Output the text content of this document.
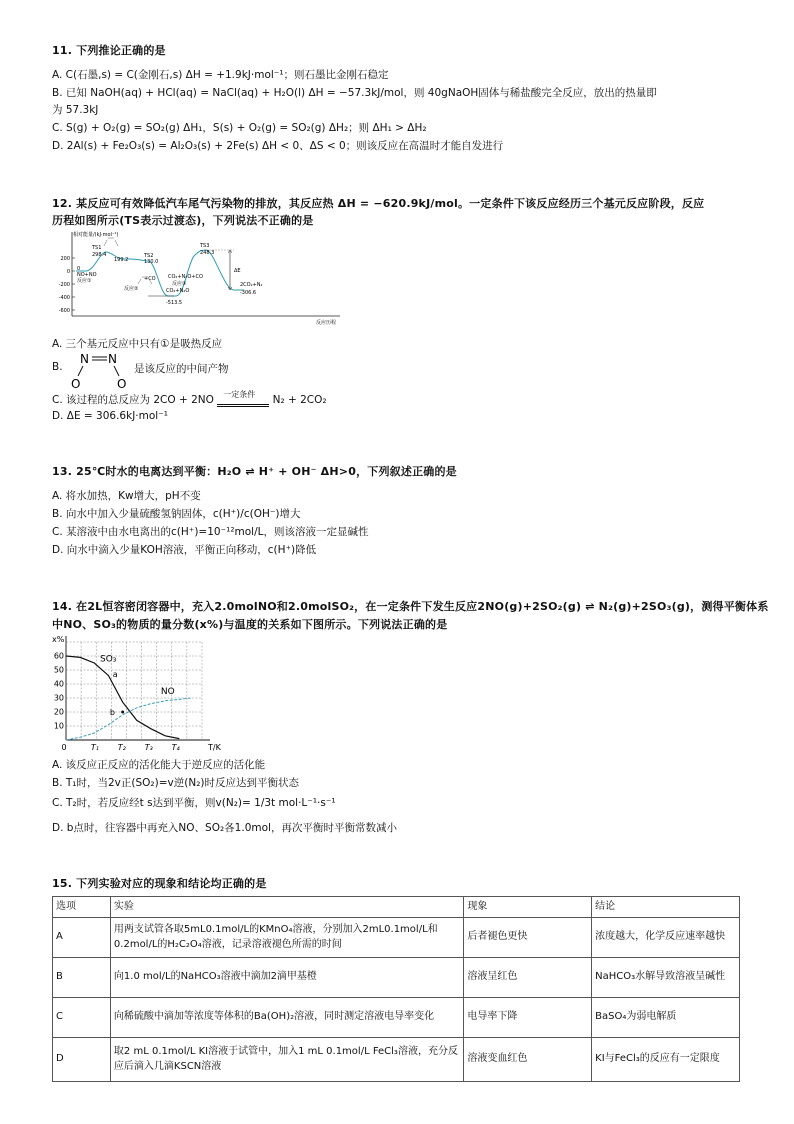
11. 下列推论正确的是
A. C(石墨,s) = C(金刚石,s) ΔH = +1.9kJ·mol⁻¹；则石墨比金刚石稳定
B. 已知 NaOH(aq) + HCl(aq) = NaCl(aq) + H₂O(l) ΔH = −57.3kJ/mol，则 40gNaOH固体与稀盐酸完全反应，放出的热量即
为 57.3kJ
C. S(g) + O₂(g) = SO₂(g) ΔH₁，S(s) + O₂(g) = SO₂(g) ΔH₂；则 ΔH₁ > ΔH₂
D. 2Al(s) + Fe₂O₃(s) = Al₂O₃(s) + 2Fe(s) ΔH < 0、ΔS < 0；则该反应在高温时才能自发进行
12. 某反应可有效降低汽车尾气污染物的排放，其反应热 ΔH = −620.9kJ/mol。一定条件下该反应经历三个基元反应阶段，反应
历程如图所示(TS表示过渡态)，下列说法不正确的是
相对能量/(kJ·mol⁻¹)
反应历程
200
0
-200
-400
-600
TS1
298.4
199.2
TS2
130.0
TS3
248.3
0
NO+NO
反应①
反应②
+CO CO₂+N₂O+CO
反应③
CO₂+N₂O
-513.5
ΔE
2CO₂+N₂
-306.6
A. 三个基元反应中只有①是吸热反应
B.
N N
O	O
是该反应的中间产物
C. 该过程的总反应为 2CO + 2NO 一定条件 N₂ + 2CO₂
D. ΔE = 306.6kJ·mol⁻¹
13. 25℃时水的电离达到平衡：H₂O ⇌ H⁺ + OH⁻ ΔH>0，下列叙述正确的是
A. 将水加热，Kw增大，pH不变
B. 向水中加入少量硫酸氢钠固体，c(H⁺)/c(OH⁻)增大
C. 某溶液中由水电离出的c(H⁺)=10⁻¹²mol/L，则该溶液一定显碱性
D. 向水中滴入少量KOH溶液，平衡正向移动，c(H⁺)降低
14. 在2L恒容密闭容器中，充入2.0molNO和2.0molSO₂，在一定条件下发生反应2NO(g)+2SO₂(g) ⇌ N₂(g)+2SO₃(g)，测得平衡体系
中NO、SO₃的物质的量分数(x%)与温度的关系如下图所示。下列说法正确的是
10
20
30
40
50
60
x%
0	T₁ T₂ T₃ T₄	T/K
SO₃
NO
a
b
A. 该反应正反应的活化能大于逆反应的活化能
B. T₁时，当2v正(SO₂)=v逆(N₂)时反应达到平衡状态
C. T₂时，若反应经t s达到平衡，则v(N₂)= 1/3t mol·L⁻¹·s⁻¹
D. b点时，往容器中再充入NO、SO₂各1.0mol，再次平衡时平衡常数减小
15. 下列实验对应的现象和结论均正确的是
选项	实验	现象	结论
A	用两支试管各取5mL0.1mol/L的KMnO₄溶液，分别加入2mL0.1mol/L和0.2mol/L的H₂C₂O₄溶液，记录溶液褪色所需的时间	后者褪色更快	浓度越大，化学反应速率越快
B	向1.0 mol/L的NaHCO₃溶液中滴加2滴甲基橙	溶液呈红色	NaHCO₃水解导致溶液呈碱性
C	向稀硫酸中滴加等浓度等体积的Ba(OH)₂溶液，同时测定溶液电导率变化	电导率下降	BaSO₄为弱电解质
D	取2 mL 0.1mol/L KI溶液于试管中，加入1 mL 0.1mol/L FeCl₃溶液，充分反应后滴入几滴KSCN溶液	溶液变血红色	KI与FeCl₃的反应有一定限度
